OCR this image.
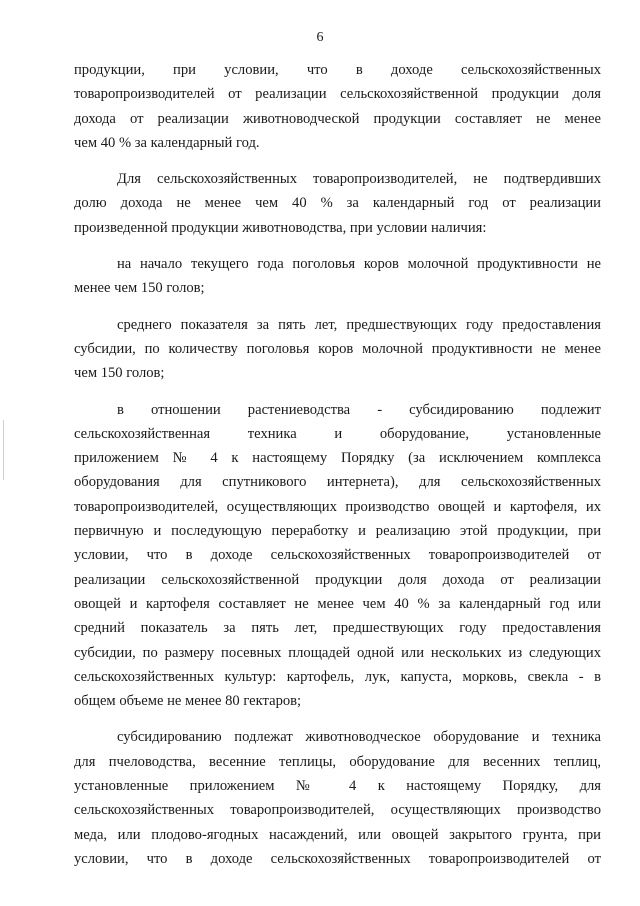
6
продукции, при условии, что в доходе сельскохозяйственных
товаропроизводителей от реализации сельскохозяйственной продукции доля
дохода от реализации животноводческой продукции составляет не менее
чем 40 % за календарный год.
Для сельскохозяйственных товаропроизводителей, не подтвердивших
долю дохода не менее чем 40 % за календарный год от реализации
произведенной продукции животноводства, при условии наличия:
на начало текущего года поголовья коров молочной продуктивности не
менее чем 150 голов;
среднего показателя за пять лет, предшествующих году предоставления
субсидии, по количеству поголовья коров молочной продуктивности не менее
чем 150 голов;
в отношении растениеводства - субсидированию подлежит
сельскохозяйственная техника и оборудование, установленные
приложением № 4 к настоящему Порядку (за исключением комплекса
оборудования для спутникового интернета), для сельскохозяйственных
товаропроизводителей, осуществляющих производство овощей и картофеля, их
первичную и последующую переработку и реализацию этой продукции, при
условии, что в доходе сельскохозяйственных товаропроизводителей от
реализации сельскохозяйственной продукции доля дохода от реализации
овощей и картофеля составляет не менее чем 40 % за календарный год или
средний показатель за пять лет, предшествующих году предоставления
субсидии, по размеру посевных площадей одной или нескольких из следующих
сельскохозяйственных культур: картофель, лук, капуста, морковь, свекла - в
общем объеме не менее 80 гектаров;
субсидированию подлежат животноводческое оборудование и техника
для пчеловодства, весенние теплицы, оборудование для весенних теплиц,
установленные приложением № 4 к настоящему Порядку, для
сельскохозяйственных товаропроизводителей, осуществляющих производство
меда, или плодово-ягодных насаждений, или овощей закрытого грунта, при
условии, что в доходе сельскохозяйственных товаропроизводителей от
